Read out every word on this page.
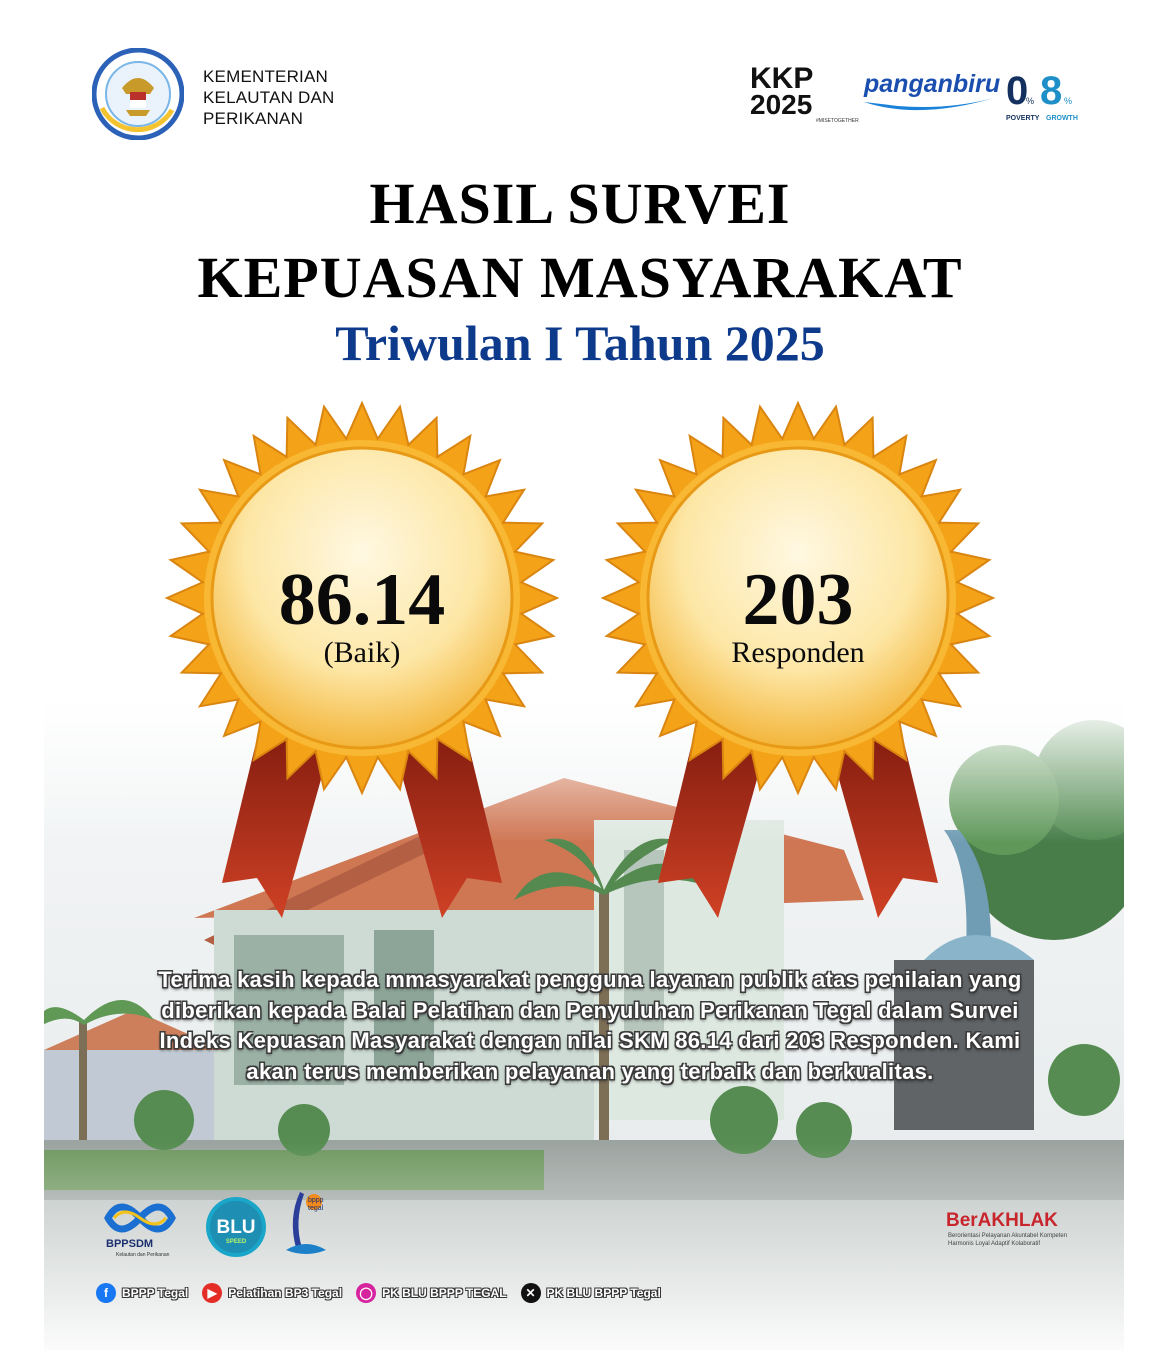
KEMENTERIAN
KELAUTAN DAN
PERIKANAN
KKP
2025
#MISETOGETHER
panganbiru 0
% 8 %
POVERTY GROWTH
HASIL SURVEI
KEPUASAN MASYARAKAT
Triwulan I Tahun 2025
86.14
(Baik)
203
Responden
Terima kasih kepada mmasyarakat pengguna layanan publik atas penilaian yang diberikan kepada Balai Pelatihan dan Penyuluhan Perikanan Tegal dalam Survei Indeks Kepuasan Masyarakat dengan nilai SKM 86.14 dari 203 Responden. Kami akan terus memberikan pelayanan yang terbaik dan berkualitas.
BPPSDM
Kelautan dan Perikanan
BLU
SPEED
bppp
tegal
BerAKHLAK
Berorientasi Pelayanan Akuntabel Kompeten Harmonis Loyal Adaptif Kolaboratif
f	BPPP Tegal	▶ Pelatihan BP3 Tegal ◯ PK BLU BPPP TEGAL	✕ PK BLU BPPP Tegal
